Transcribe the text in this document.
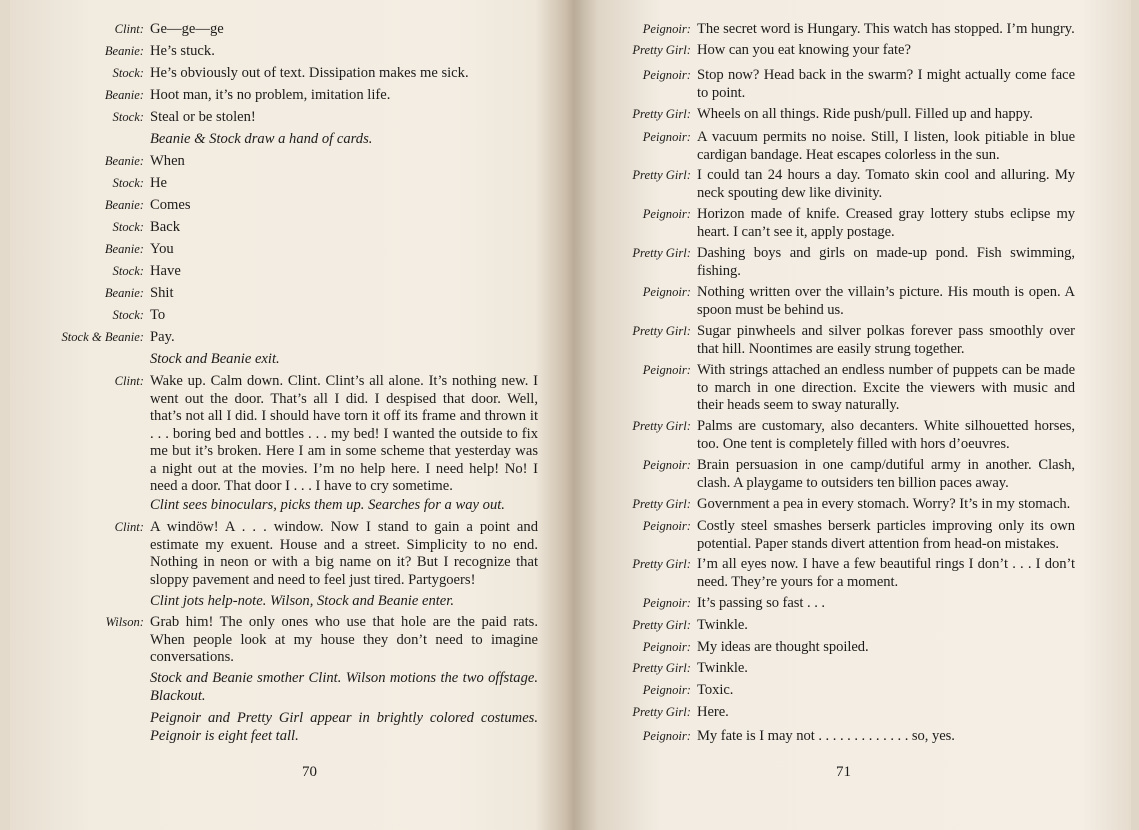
Clint: Ge—ge—ge
Beanie: He’s stuck.
Stock: He’s obviously out of text. Dissipation makes me sick.
Beanie: Hoot man, it’s no problem, imitation life.
Stock: Steal or be stolen!
Beanie & Stock draw a hand of cards.
Beanie: When
Stock: He
Beanie: Comes
Stock: Back
Beanie: You
Stock: Have
Beanie: Shit
Stock: To
Stock & Beanie: Pay.
Stock and Beanie exit.
Clint: Wake up. Calm down. Clint. Clint’s all alone. It’s nothing new. I went out the door. That’s all I did. I despised that door. Well, that’s not all I did. I should have torn it off its frame and thrown it . . . boring bed and bottles . . . my bed! I wanted the outside to fix me but it’s broken. Here I am in some scheme that yesterday was a night out at the movies. I’m no help here. I need help! No! I need a door. That door I . . . I have to cry sometime.
Clint sees binoculars, picks them up. Searches for a way out.
Clint: A windöw! A . . . window. Now I stand to gain a point and estimate my exuent. House and a street. Simplicity to no end. Nothing in neon or with a big name on it? But I recognize that sloppy pavement and need to feel just tired. Partygoers!
Clint jots help-note. Wilson, Stock and Beanie enter.
Wilson: Grab him! The only ones who use that hole are the paid rats. When people look at my house they don’t need to imagine conversations.
Stock and Beanie smother Clint. Wilson motions the two offstage. Blackout.
Peignoir and Pretty Girl appear in brightly colored costumes. Peignoir is eight feet tall.
70
Peignoir: The secret word is Hungary. This watch has stopped. I’m hungry.
Pretty Girl: How can you eat knowing your fate?
Peignoir: Stop now? Head back in the swarm? I might actually come face to point.
Pretty Girl: Wheels on all things. Ride push/pull. Filled up and happy.
Peignoir: A vacuum permits no noise. Still, I listen, look pitiable in blue cardigan bandage. Heat escapes colorless in the sun.
Pretty Girl: I could tan 24 hours a day. Tomato skin cool and alluring. My neck spouting dew like divinity.
Peignoir: Horizon made of knife. Creased gray lottery stubs eclipse my heart. I can’t see it, apply postage.
Pretty Girl: Dashing boys and girls on made-up pond. Fish swimming, fishing.
Peignoir: Nothing written over the villain’s picture. His mouth is open. A spoon must be behind us.
Pretty Girl: Sugar pinwheels and silver polkas forever pass smoothly over that hill. Noontimes are easily strung together.
Peignoir: With strings attached an endless number of puppets can be made to march in one direction. Excite the viewers with music and their heads seem to sway naturally.
Pretty Girl: Palms are customary, also decanters. White silhouetted horses, too. One tent is completely filled with hors d’oeuvres.
Peignoir: Brain persuasion in one camp/dutiful army in another. Clash, clash. A playgame to outsiders ten billion paces away.
Pretty Girl: Government a pea in every stomach. Worry? It’s in my stomach.
Peignoir: Costly steel smashes berserk particles improving only its own potential. Paper stands divert attention from head-on mistakes.
Pretty Girl: I’m all eyes now. I have a few beautiful rings I don’t . . . I don’t need. They’re yours for a moment.
Peignoir: It’s passing so fast . . .
Pretty Girl: Twinkle.
Peignoir: My ideas are thought spoiled.
Pretty Girl: Twinkle.
Peignoir: Toxic.
Pretty Girl: Here.
Peignoir: My fate is I may not . . . . . . . . . . . . . so, yes.
71
